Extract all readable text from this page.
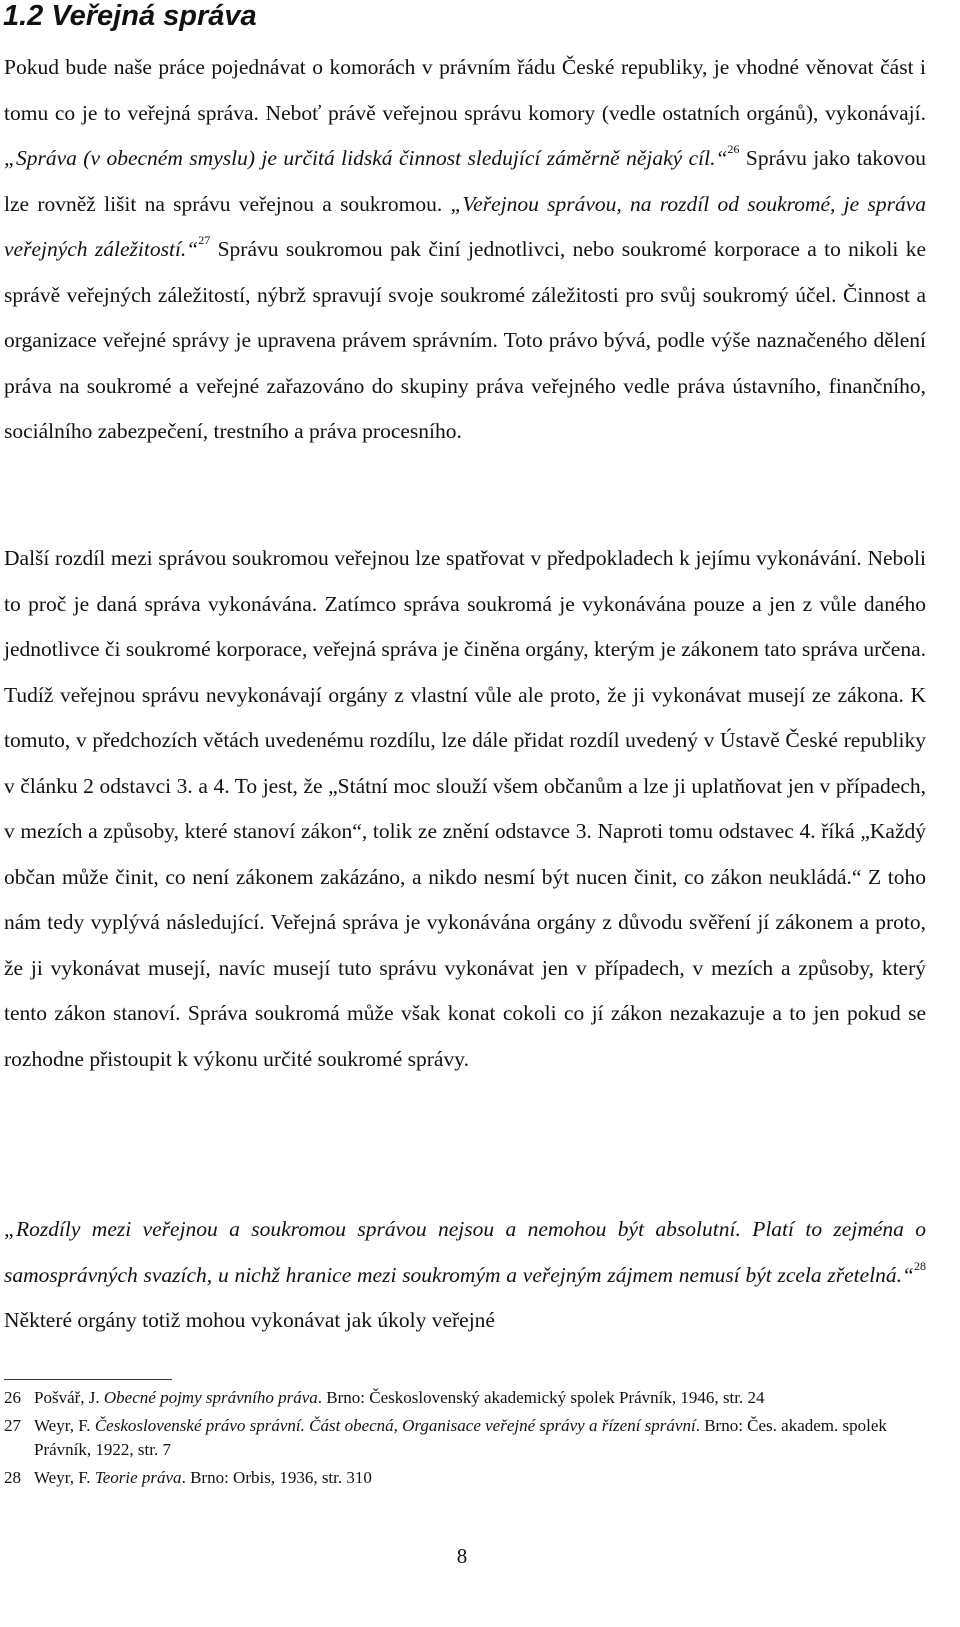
1.2 Veřejná správa

Pokud bude naše práce pojednávat o komorách v právním řádu České republiky, je vhodné věnovat část i tomu co je to veřejná správa. Neboť právě veřejnou správu komory (vedle ostatních orgánů), vykonávají. „Správa (v obecném smyslu) je určitá lidská činnost sledující záměrně nějaký cíl.“$^{26}$ Správu jako takovou lze rovněž lišit na správu veřejnou a soukromou. „Veřejnou správou, na rozdíl od soukromé, je správa veřejných záležitostí.“$^{27}$ Správu soukromou pak činí jednotlivci, nebo soukromé korporace a to nikoli ke správě veřejných záležitostí, nýbrž spravují svoje soukromé záležitosti pro svůj soukromý účel. Činnost a organizace veřejné správy je upravena právem správním. Toto právo bývá, podle výše naznačeného dělení práva na soukromé a veřejné zařazováno do skupiny práva veřejného vedle práva ústavního, finančního, sociálního zabezpečení, trestního a práva procesního.

Další rozdíl mezi správou soukromou veřejnou lze spatřovat v předpokladech k jejímu vykonávání. Neboli to proč je daná správa vykonávána. Zatímco správa soukromá je vykonávána pouze a jen z vůle daného jednotlivce či soukromé korporace, veřejná správa je činěna orgány, kterým je zákonem tato správa určena. Tudíž veřejnou správu nevykonávají orgány z vlastní vůle ale proto, že ji vykonávat musejí ze zákona. K tomuto, v předchozích větách uvedenému rozdílu, lze dále přidat rozdíl uvedený v Ústavě České republiky v článku 2 odstavci 3. a 4. To jest, že „Státní moc slouží všem občanům a lze ji uplatňovat jen v případech, v mezích a způsoby, které stanoví zákon“, tolik ze znění odstavce 3. Naproti tomu odstavec 4. říká „Každý občan může činit, co není zákonem zakázáno, a nikdo nesmí být nucen činit, co zákon neukládá.“ Z toho nám tedy vyplývá následující. Veřejná správa je vykonávána orgány z důvodu svěření jí zákonem a proto, že ji vykonávat musejí, navíc musejí tuto správu vykonávat jen v případech, v mezích a způsoby, který tento zákon stanoví. Správa soukromá může však konat cokoli co jí zákon nezakazuje a to jen pokud se rozhodne přistoupit k výkonu určité soukromé správy.

„Rozdíly mezi veřejnou a soukromou správou nejsou a nemohou být absolutní. Platí to zejména o samosprávných svazích, u nichž hranice mezi soukromým a veřejným zájmem nemusí být zcela zřetelná.“$^{28}$ Některé orgány totiž mohou vykonávat jak úkoly veřejné

26 Pošvář, J. Obecné pojmy správního práva. Brno: Československý akademický spolek Právník, 1946, str. 24
27 Weyr, F. Československé právo správní. Část obecná, Organisace veřejné správy a řízení správní. Brno: Čes. akadem. spolek Právník, 1922, str. 7
28 Weyr, F. Teorie práva. Brno: Orbis, 1936, str. 310
8
